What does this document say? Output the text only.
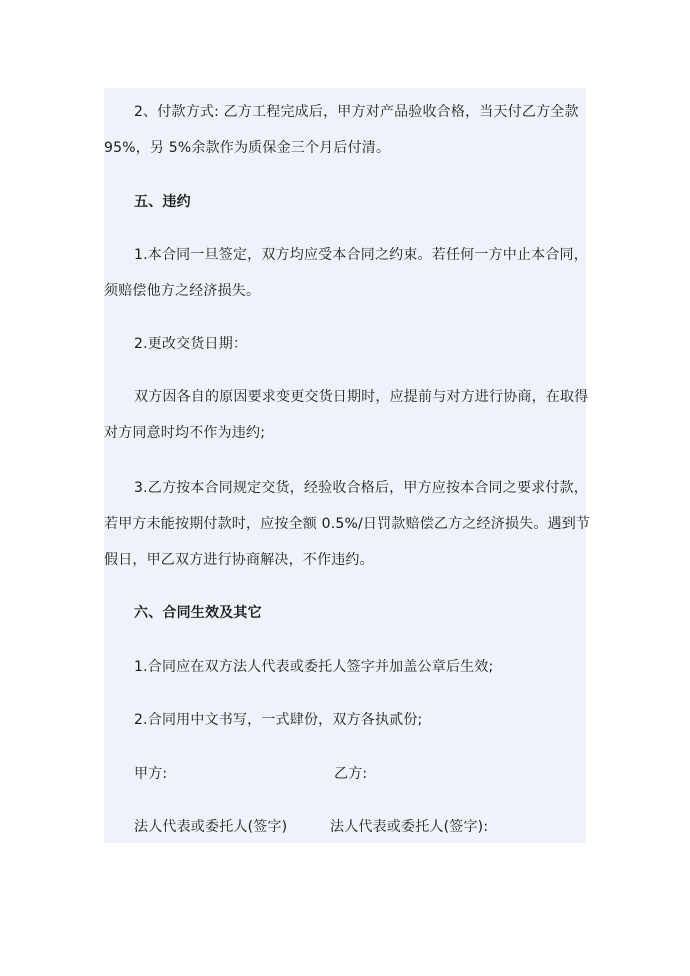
2、付款方式: 乙方工程完成后，甲方对产品验收合格，当天付乙方全款
95%，另 5%余款作为质保金三个月后付清。
五、违约
1.本合同一旦签定，双方均应受本合同之约束。若任何一方中止本合同，
须赔偿他方之经济损失。
2.更改交货日期：
双方因各自的原因要求变更交货日期时，应提前与对方进行协商，在取得
对方同意时均不作为违约;
3.乙方按本合同规定交货，经验收合格后，甲方应按本合同之要求付款，
若甲方未能按期付款时，应按全额 0.5%/日罚款赔偿乙方之经济损失。遇到节
假日，甲乙双方进行协商解决，不作违约。
六、合同生效及其它
1.合同应在双方法人代表或委托人签字并加盖公章后生效;
2.合同用中文书写，一式肆份，双方各执贰份;
甲方:	乙方:
法人代表或委托人(签字)	法人代表或委托人(签字):
